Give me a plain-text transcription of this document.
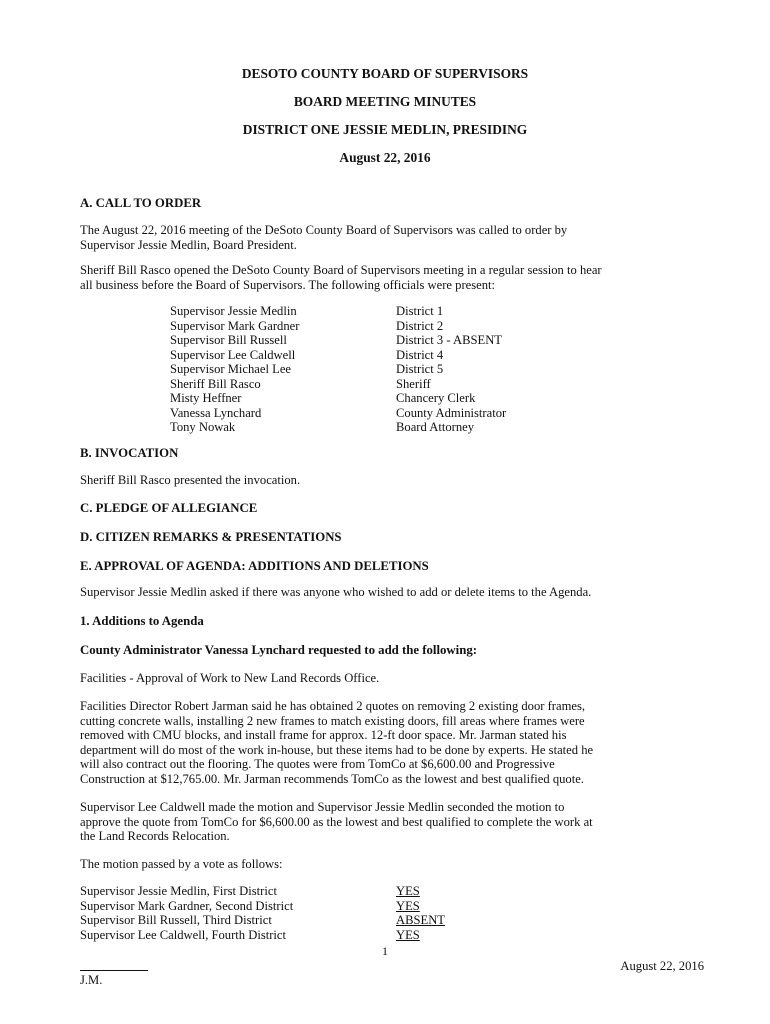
DESOTO COUNTY BOARD OF SUPERVISORS
BOARD MEETING MINUTES
DISTRICT ONE JESSIE MEDLIN, PRESIDING
August 22, 2016
A. CALL TO ORDER

The August 22, 2016 meeting of the DeSoto County Board of Supervisors was called to order by
Supervisor Jessie Medlin, Board President.

Sheriff Bill Rasco opened the DeSoto County Board of Supervisors meeting in a regular session to hear
all business before the Board of Supervisors. The following officials were present:

Supervisor Jessie Medlin	District 1
Supervisor Mark Gardner	District 2
Supervisor Bill Russell	District 3 - ABSENT
Supervisor Lee Caldwell	District 4
Supervisor Michael Lee	District 5
Sheriff Bill Rasco	Sheriff
Misty Heffner	Chancery Clerk
Vanessa Lynchard	County Administrator
Tony Nowak	Board Attorney
B. INVOCATION

Sheriff Bill Rasco presented the invocation.

C. PLEDGE OF ALLEGIANCE
D. CITIZEN REMARKS & PRESENTATIONS
E. APPROVAL OF AGENDA: ADDITIONS AND DELETIONS

Supervisor Jessie Medlin asked if there was anyone who wished to add or delete items to the Agenda.

1. Additions to Agenda
County Administrator Vanessa Lynchard requested to add the following:

Facilities - Approval of Work to New Land Records Office.

Facilities Director Robert Jarman said he has obtained 2 quotes on removing 2 existing door frames,
cutting concrete walls, installing 2 new frames to match existing doors, fill areas where frames were
removed with CMU blocks, and install frame for approx. 12-ft door space. Mr. Jarman stated his
department will do most of the work in-house, but these items had to be done by experts. He stated he
will also contract out the flooring. The quotes were from TomCo at $6,600.00 and Progressive
Construction at $12,765.00. Mr. Jarman recommends TomCo as the lowest and best qualified quote.

Supervisor Lee Caldwell made the motion and Supervisor Jessie Medlin seconded the motion to
approve the quote from TomCo for $6,600.00 as the lowest and best qualified to complete the work at
the Land Records Relocation.

The motion passed by a vote as follows:

Supervisor Jessie Medlin, First District	YES
Supervisor Mark Gardner, Second District	YES
Supervisor Bill Russell, Third District	ABSENT
Supervisor Lee Caldwell, Fourth District	YES
1
August 22, 2016
J.M.
